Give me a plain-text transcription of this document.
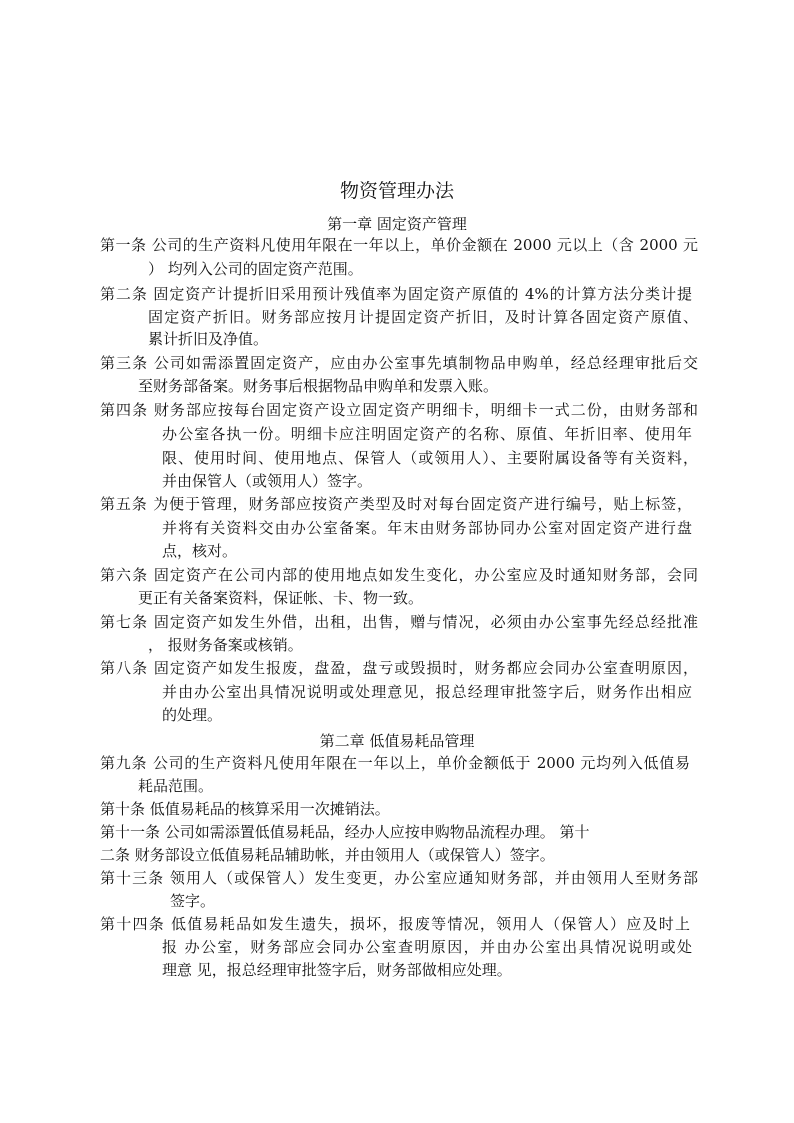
物资管理办法
第一章 固定资产管理
第一条 公司的生产资料凡使用年限在一年以上，单价金额在 2000 元以上（含 2000 元
） 均列入公司的固定资产范围。
第二条 固定资产计提折旧采用预计残值率为固定资产原值的 4%的计算方法分类计提
固定资产折旧。财务部应按月计提固定资产折旧，及时计算各固定资产原值、
累计折旧及净值。
第三条 公司如需添置固定资产，应由办公室事先填制物品申购单，经总经理审批后交
至财务部备案。财务事后根据物品申购单和发票入账。
第四条 财务部应按每台固定资产设立固定资产明细卡，明细卡一式二份，由财务部和
办公室各执一份。明细卡应注明固定资产的名称、原值、年折旧率、使用年
限、使用时间、使用地点、保管人（或领用人）、主要附属设备等有关资料，
并由保管人（或领用人）签字。
第五条 为便于管理，财务部应按资产类型及时对每台固定资产进行编号，贴上标签，
并将有关资料交由办公室备案。年末由财务部协同办公室对固定资产进行盘
点，核对。
第六条 固定资产在公司内部的使用地点如发生变化，办公室应及时通知财务部，会同
更正有关备案资料，保证帐、卡、物一致。
第七条 固定资产如发生外借，出租，出售，赠与情况，必须由办公室事先经总经批准
， 报财务备案或核销。
第八条 固定资产如发生报废，盘盈，盘亏或毁损时，财务都应会同办公室查明原因，
并由办公室出具情况说明或处理意见，报总经理审批签字后，财务作出相应
的处理。
第二章 低值易耗品管理
第九条 公司的生产资料凡使用年限在一年以上，单价金额低于 2000 元均列入低值易
耗品范围。
第十条 低值易耗品的核算采用一次摊销法。
第十一条 公司如需添置低值易耗品，经办人应按申购物品流程办理。 第十
二条 财务部设立低值易耗品辅助帐，并由领用人（或保管人）签字。
第十三条 领用人（或保管人）发生变更，办公室应通知财务部，并由领用人至财务部
签字。
第十四条 低值易耗品如发生遗失，损坏，报废等情况，领用人（保管人）应及时上
报 办公室，财务部应会同办公室查明原因，并由办公室出具情况说明或处
理意 见，报总经理审批签字后，财务部做相应处理。
